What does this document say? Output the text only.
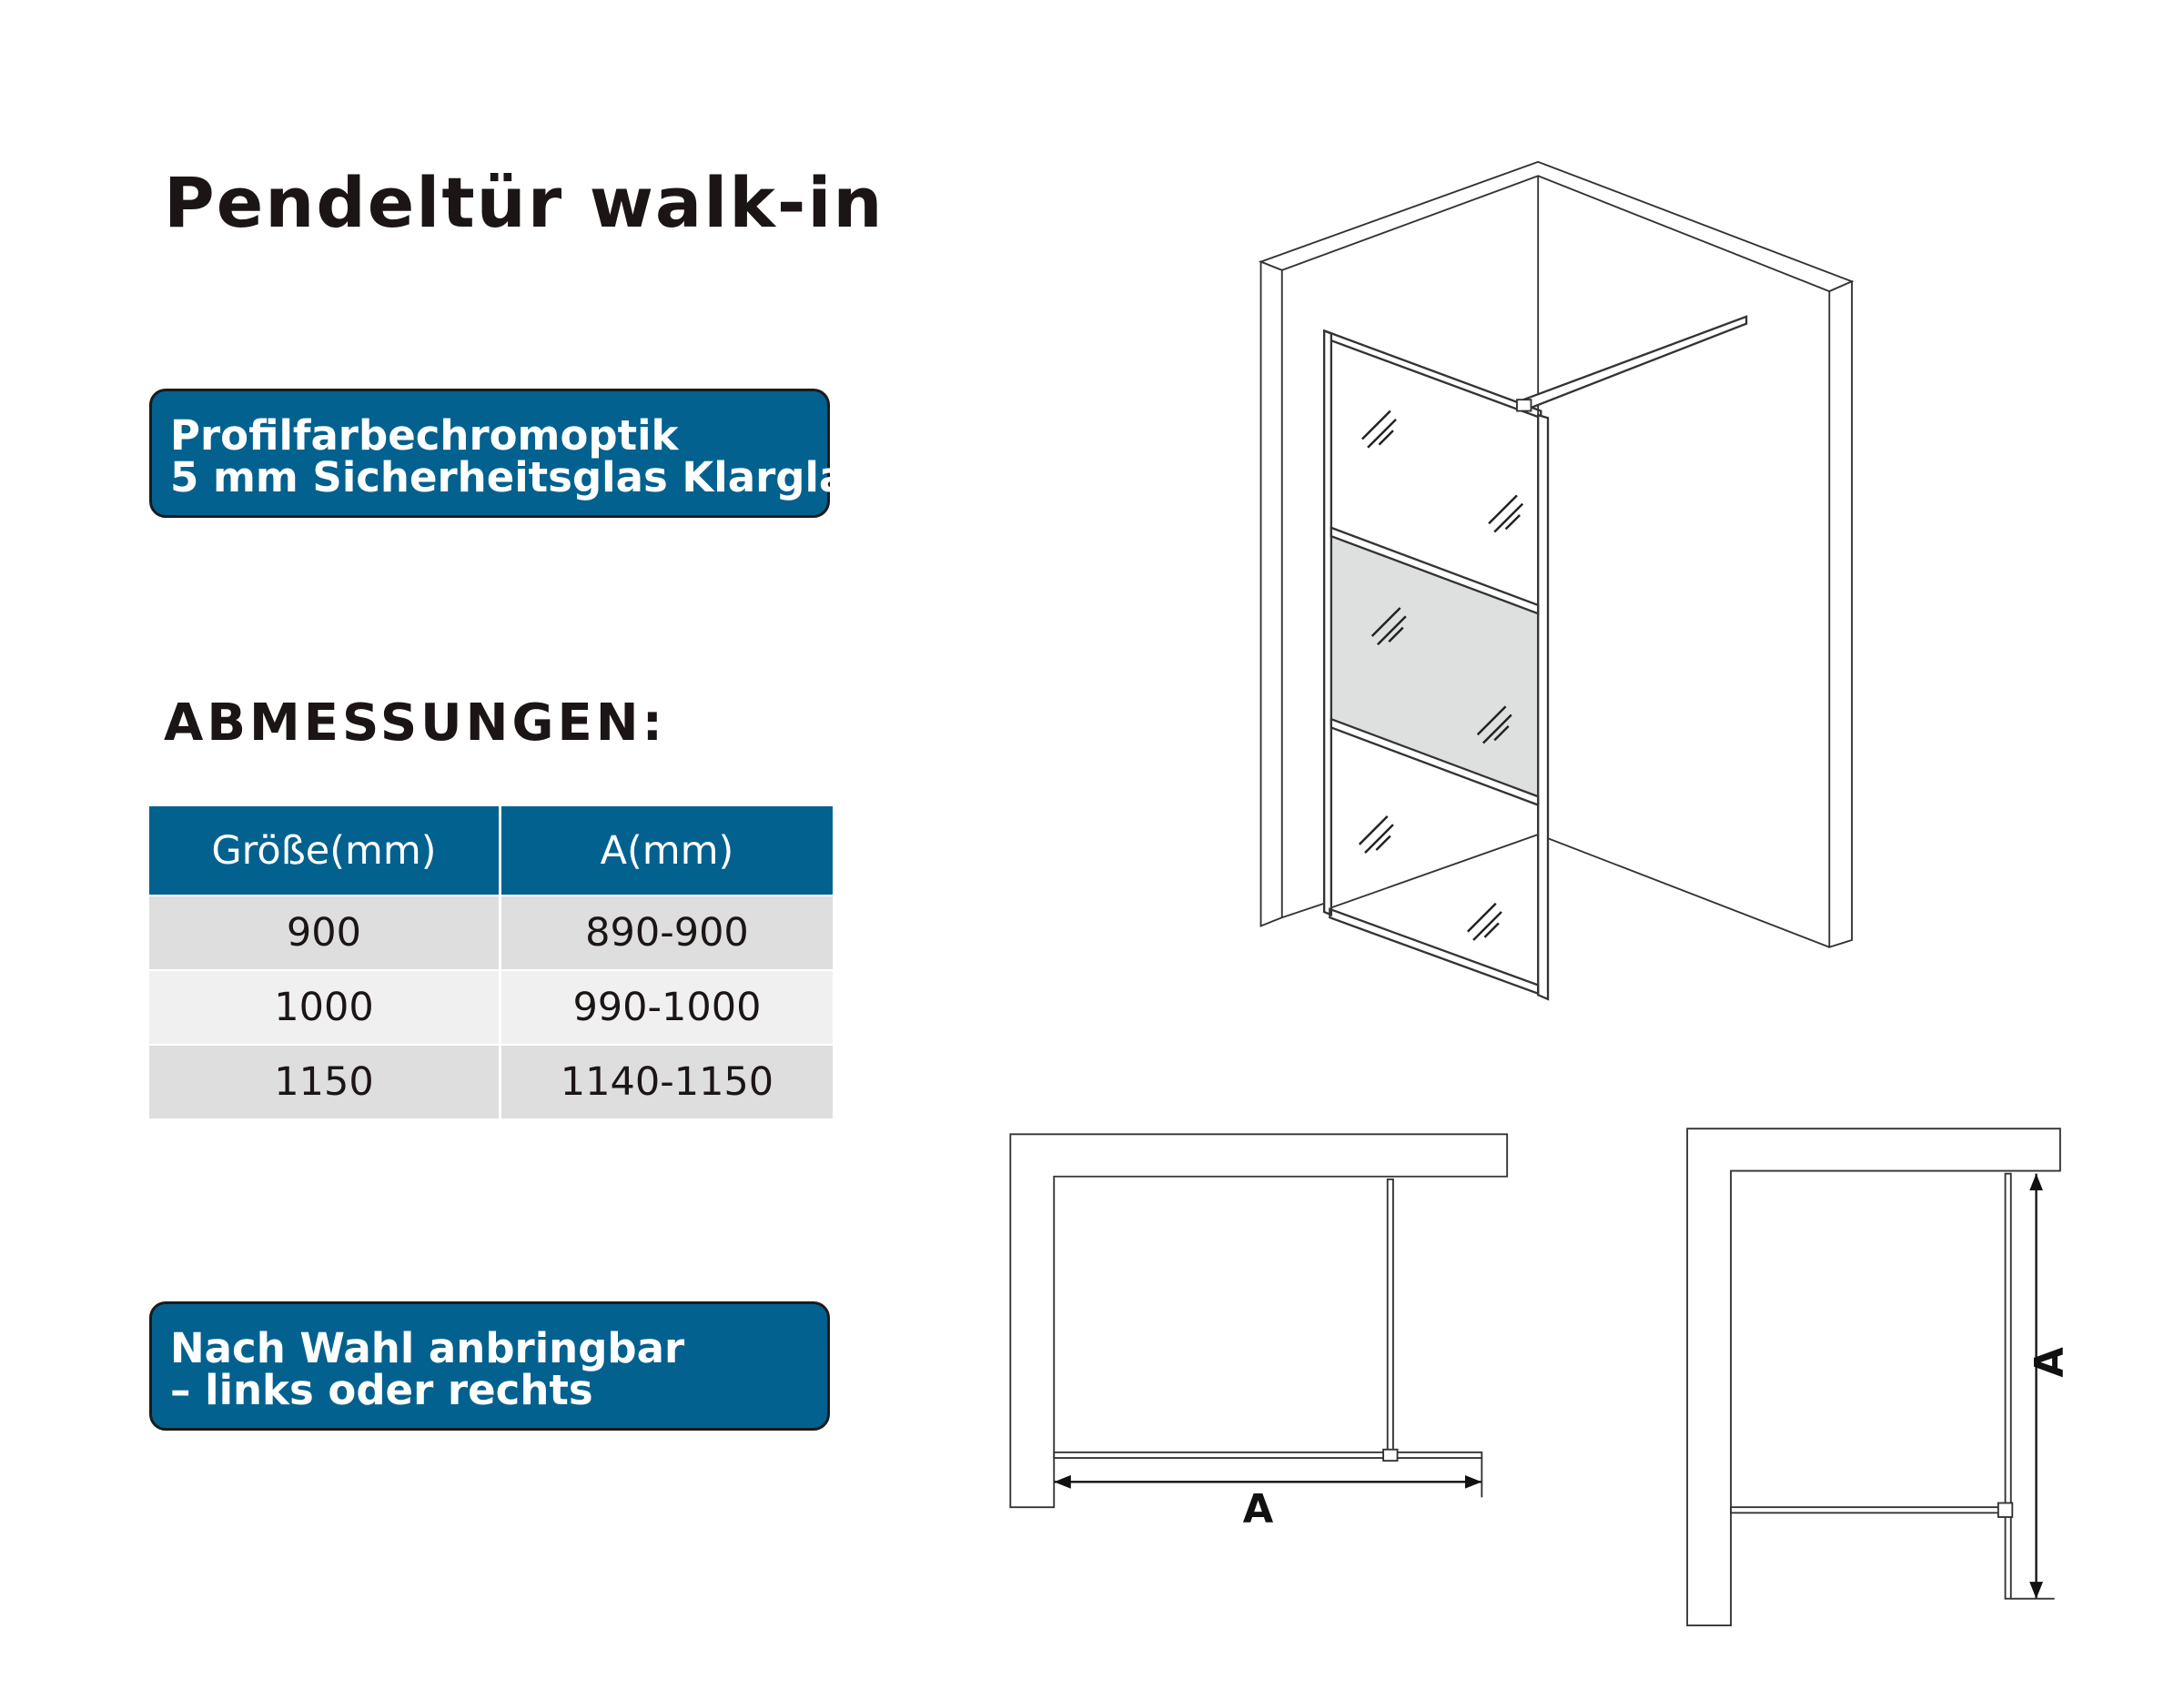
Pendeltür walk-in
Profilfarbechromoptik
5 mm Sicherheitsglas Klarglas
ABMESSUNGEN:
Größe(mm)	A(mm)
900	890-900
1000	990-1000
1150	1140-1150
Nach Wahl anbringbar
– links oder rechts
A
A
